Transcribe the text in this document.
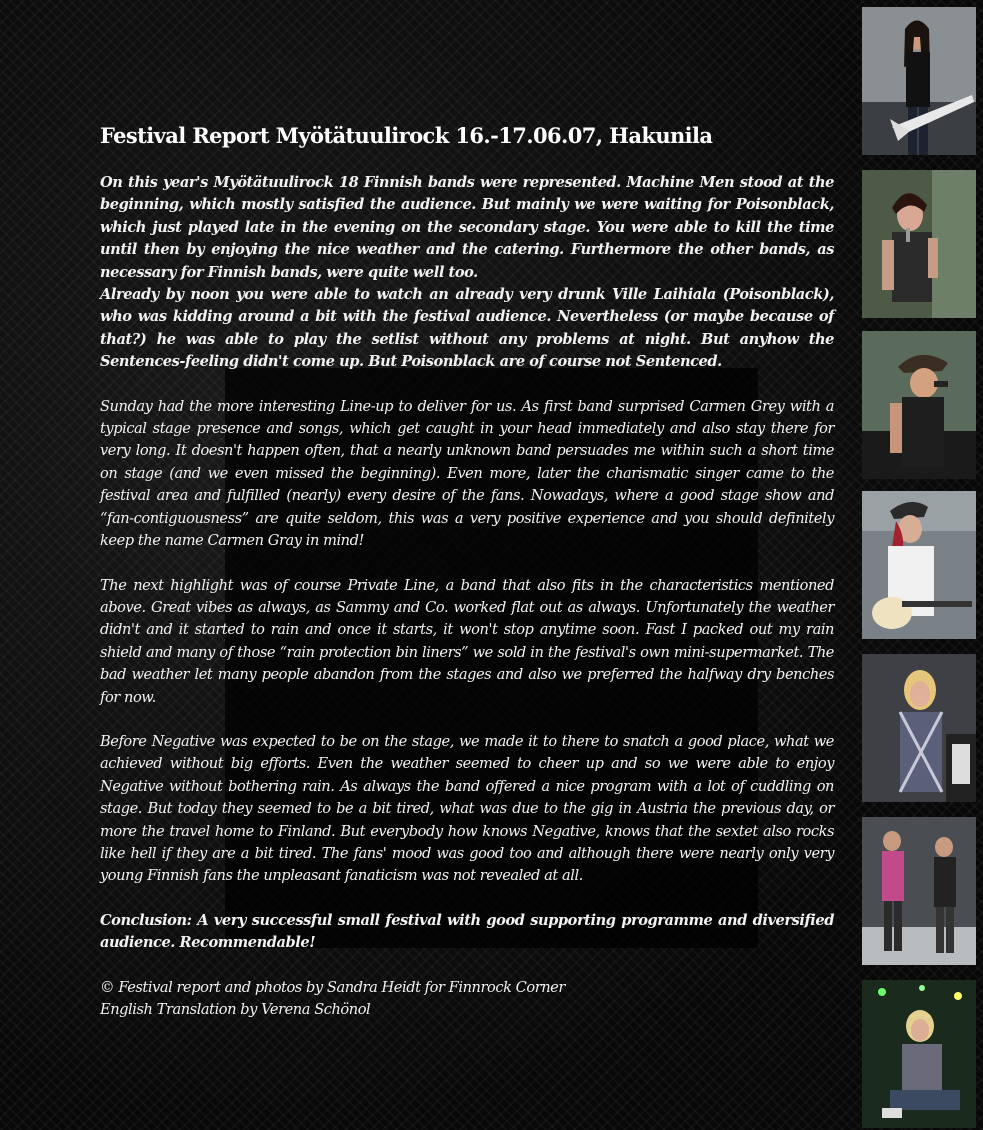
Festival Report Myötätuulirock 16.-17.06.07, Hakunila

On this year's Myötätuulirock 18 Finnish bands were represented. Machine Men stood at the beginning, which mostly satisfied the audience. But mainly we were waiting for Poisonblack, which just played late in the evening on the secondary stage. You were able to kill the time until then by enjoying the nice weather and the catering. Furthermore the other bands, as necessary for Finnish bands, were quite well too.

Already by noon you were able to watch an already very drunk Ville Laihiala (Poisonblack), who was kidding around a bit with the festival audience. Nevertheless (or maybe because of that?) he was able to play the setlist without any problems at night. But anyhow the Sentences-feeling didn't come up. But Poisonblack are of course not Sentenced.

Sunday had the more interesting Line-up to deliver for us. As first band surprised Carmen Grey with a typical stage presence and songs, which get caught in your head immediately and also stay there for very long. It doesn't happen often, that a nearly unknown band persuades me within such a short time on stage (and we even missed the beginning). Even more, later the charismatic singer came to the festival area and fulfilled (nearly) every desire of the fans. Nowadays, where a good stage show and “fan-contiguousness” are quite seldom, this was a very positive experience and you should definitely keep the name Carmen Gray in mind!

The next highlight was of course Private Line, a band that also fits in the characteristics mentioned above. Great vibes as always, as Sammy and Co. worked flat out as always. Unfortunately the weather didn't and it started to rain and once it starts, it won't stop anytime soon. Fast I packed out my rain shield and many of those “rain protection bin liners” we sold in the festival's own mini-supermarket. The bad weather let many people abandon from the stages and also we preferred the halfway dry benches for now.

Before Negative was expected to be on the stage, we made it to there to snatch a good place, what we achieved without big efforts. Even the weather seemed to cheer up and so we were able to enjoy Negative without bothering rain. As always the band offered a nice program with a lot of cuddling on stage. But today they seemed to be a bit tired, what was due to the gig in Austria the previous day, or more the travel home to Finland. But everybody how knows Negative, knows that the sextet also rocks like hell if they are a bit tired. The fans' mood was good too and although there were nearly only very young Finnish fans the unpleasant fanaticism was not revealed at all.

Conclusion: A very successful small festival with good supporting programme and diversified audience. Recommendable!

© Festival report and photos by Sandra Heidt for Finnrock Corner
English Translation by Verena Schönol
